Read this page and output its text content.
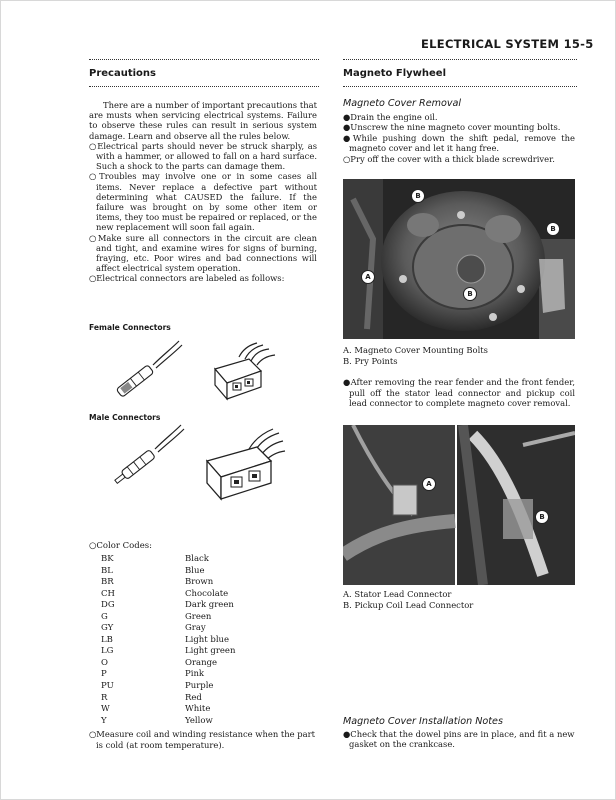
ELECTRICAL SYSTEM 15-5
Precautions	Magneto Flywheel

There are a number of important precautions that are musts when servicing electrical systems. Failure to observe these rules can result in serious system damage. Learn and observe all the rules below.

○Electrical parts should never be struck sharply, as with a hammer, or allowed to fall on a hard surface. Such a shock to the parts can damage them.

○Troubles may involve one or in some cases all items. Never replace a defective part without determining what CAUSED the failure. If the failure was brought on by some other item or items, they too must be repaired or replaced, or the new replacement will soon fail again.

○Make sure all connectors in the circuit are clean and tight, and examine wires for signs of burning, fraying, etc. Poor wires and bad connections will affect electrical system operation.

○Electrical connectors are labeled as follows:

Female Connectors
Male Connectors
○Color Codes:
BK	Black
BL	Blue
BR	Brown
CH	Chocolate
DG	Dark green
G	Green
GY	Gray
LB	Light blue
LG	Light green
O	Orange
P	Pink
PU	Purple
R	Red
W	White
Y	Yellow
○Measure coil and winding resistance when the part is cold (at room temperature).
Magneto Cover Removal

●Drain the engine oil.

●Unscrew the nine magneto cover mounting bolts.

●While pushing down the shift pedal, remove the magneto cover and let it hang free.

○Pry off the cover with a thick blade screwdriver.

B
B
B
A
A. Magneto Cover Mounting Bolts
B. Pry Points
●After removing the rear fender and the front fender, pull off the stator lead connector and pickup coil lead connector to complete magneto cover removal.
A
B
A. Stator Lead Connector
B. Pickup Coil Lead Connector
Magneto Cover Installation Notes

●Check that the dowel pins are in place, and fit a new gasket on the crankcase.
